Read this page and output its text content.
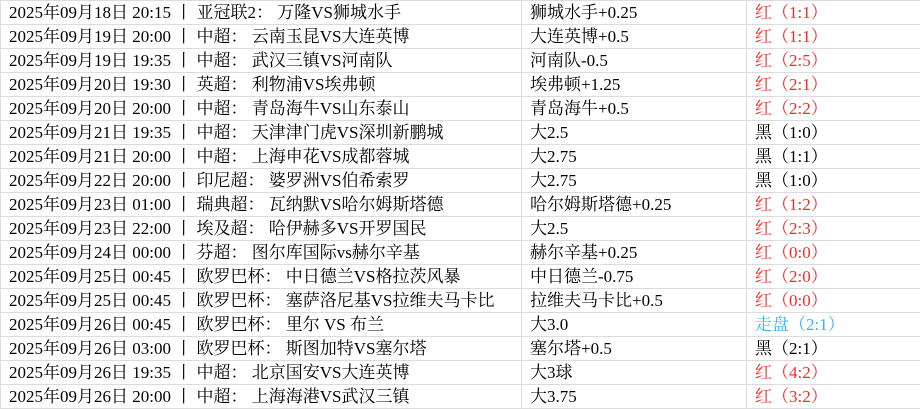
2025年09月18日 20:15 丨 亚冠联2： 万隆VS狮城水手	狮城水手+0.25	红（1:1）
2025年09月19日 20:00 丨 中超： 云南玉昆VS大连英博	大连英博+0.5	红（1:1）
2025年09月19日 19:35 丨 中超： 武汉三镇VS河南队	河南队-0.5	红（2:5）
2025年09月20日 19:30 丨 英超： 利物浦VS埃弗顿	埃弗顿+1.25	红（2:1）
2025年09月20日 20:00 丨 中超： 青岛海牛VS山东泰山	青岛海牛+0.5	红（2:2）
2025年09月21日 19:35 丨 中超： 天津津门虎VS深圳新鹏城	大2.5	黑（1:0）
2025年09月21日 20:00 丨 中超： 上海申花VS成都蓉城	大2.75	黑（1:1）
2025年09月22日 20:00 丨 印尼超： 婆罗洲VS伯希索罗	大2.75	黑（1:0）
2025年09月23日 01:00 丨 瑞典超： 瓦纳默VS哈尔姆斯塔德	哈尔姆斯塔德+0.25	红（1:2）
2025年09月23日 22:00 丨 埃及超： 哈伊赫多VS开罗国民	大2.5	红（2:3）
2025年09月24日 00:00 丨 芬超： 图尔库国际vs赫尔辛基	赫尔辛基+0.25	红（0:0）
2025年09月25日 00:45 丨 欧罗巴杯： 中日德兰VS格拉茨风暴	中日德兰-0.75	红（2:0）
2025年09月25日 00:45 丨 欧罗巴杯： 塞萨洛尼基VS拉维夫马卡比	拉维夫马卡比+0.5	红（0:0）
2025年09月26日 00:45 丨 欧罗巴杯： 里尔 VS 布兰	大3.0	走盘（2:1）
2025年09月26日 03:00 丨 欧罗巴杯： 斯图加特VS塞尔塔	塞尔塔+0.5	黑（2:1）
2025年09月26日 19:35 丨 中超： 北京国安VS大连英博	大3球	红（4:2）
2025年09月26日 20:00 丨 中超： 上海海港VS武汉三镇	大3.75	红（3:2）
